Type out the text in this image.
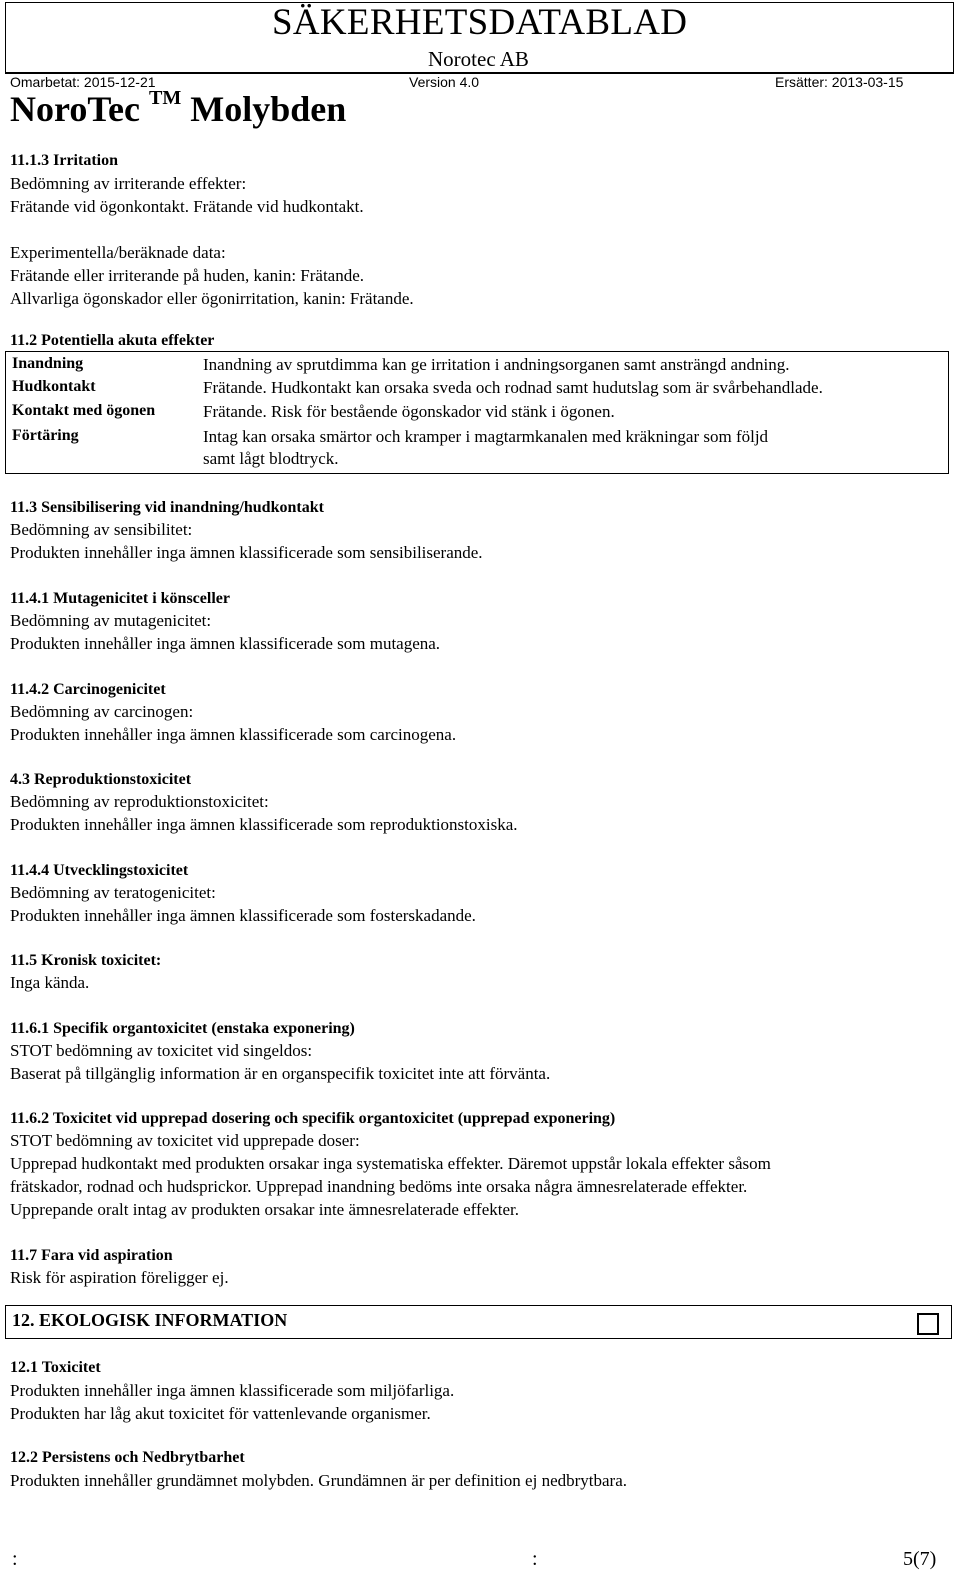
SÄKERHETSDATABLAD
Norotec AB
Omarbetat: 2015-12-21	Version 4.0	Ersätter: 2013-03-15
NoroTec ™ Molybden
11.1.3 Irritation
Bedömning av irriterande effekter:
Frätande vid ögonkontakt. Frätande vid hudkontakt.
Experimentella/beräknade data:
Frätande eller irriterande på huden, kanin: Frätande.
Allvarliga ögonskador eller ögonirritation, kanin: Frätande.
11.2 Potentiella akuta effekter
Inandning	Inandning av sprutdimma kan ge irritation i andningsorganen samt ansträngd andning.
Hudkontakt	Frätande. Hudkontakt kan orsaka sveda och rodnad samt hudutslag som är svårbehandlade.
Kontakt med ögonen	Frätande. Risk för bestående ögonskador vid stänk i ögonen.
Förtäring	Intag kan orsaka smärtor och kramper i magtarmkanalen med kräkningar som följd
samt lågt blodtryck.
11.3 Sensibilisering vid inandning/hudkontakt
Bedömning av sensibilitet:
Produkten innehåller inga ämnen klassificerade som sensibiliserande.
11.4.1 Mutagenicitet i könsceller
Bedömning av mutagenicitet:
Produkten innehåller inga ämnen klassificerade som mutagena.
11.4.2 Carcinogenicitet
Bedömning av carcinogen:
Produkten innehåller inga ämnen klassificerade som carcinogena.
4.3 Reproduktionstoxicitet
Bedömning av reproduktionstoxicitet:
Produkten innehåller inga ämnen klassificerade som reproduktionstoxiska.
11.4.4 Utvecklingstoxicitet
Bedömning av teratogenicitet:
Produkten innehåller inga ämnen klassificerade som fosterskadande.
11.5 Kronisk toxicitet:
Inga kända.
11.6.1 Specifik organtoxicitet (enstaka exponering)
STOT bedömning av toxicitet vid singeldos:
Baserat på tillgänglig information är en organspecifik toxicitet inte att förvänta.
11.6.2 Toxicitet vid upprepad dosering och specifik organtoxicitet (upprepad exponering)
STOT bedömning av toxicitet vid upprepade doser:
Upprepad hudkontakt med produkten orsakar inga systematiska effekter. Däremot uppstår lokala effekter såsom
frätskador, rodnad och hudsprickor. Upprepad inandning bedöms inte orsaka några ämnesrelaterade effekter.
Upprepande oralt intag av produkten orsakar inte ämnesrelaterade effekter.
11.7 Fara vid aspiration
Risk för aspiration föreligger ej.
12. EKOLOGISK INFORMATION
12.1 Toxicitet
Produkten innehåller inga ämnen klassificerade som miljöfarliga.
Produkten har låg akut toxicitet för vattenlevande organismer.
12.2 Persistens och Nedbrytbarhet
Produkten innehåller grundämnet molybden. Grundämnen är per definition ej nedbrytbara.
:	:	5(7)
